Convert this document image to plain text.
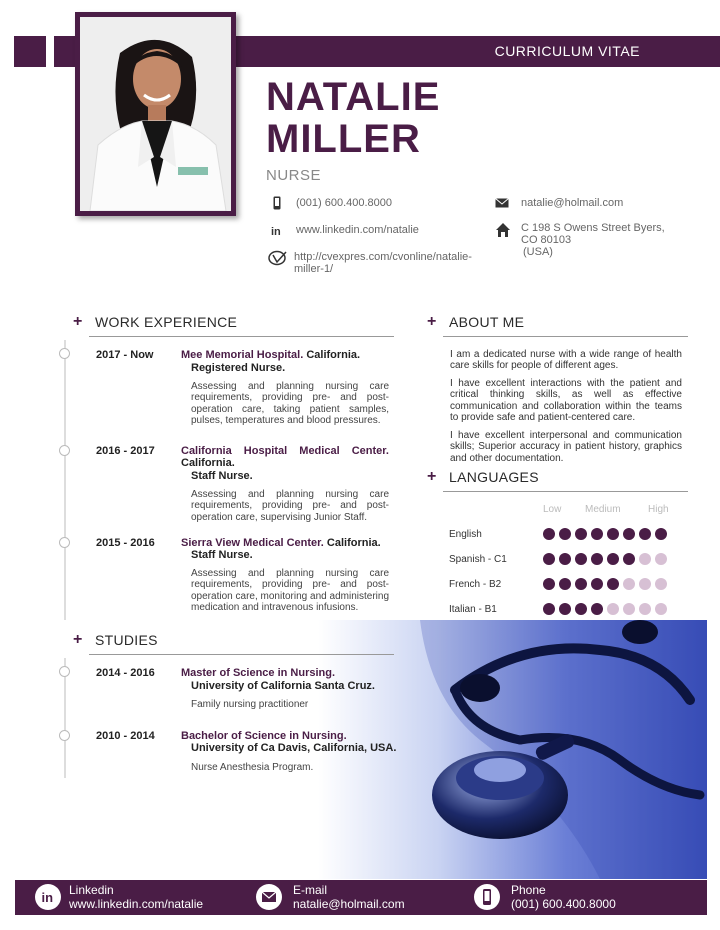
CURRICULUM VITAE
NATALIE
MILLER
NURSE
(001) 600.400.8000
in www.linkedin.com/natalie
http://cvexpres.com/cvonline/natalie-
miller-1/
natalie@holmail.com
C 198 S Owens Street Byers,
CO 80103
(USA)
+ WORK EXPERIENCE
2017 - Now	Mee Memorial Hospital. California.
Registered Nurse.
Assessing and planning nursing care requirements, providing pre- and post-operation care, taking patient samples, pulses, temperatures and blood pressures.
2016 - 2017 California Hospital Medical Center. California.
Staff Nurse.
Assessing and planning nursing care requirements, providing pre- and post-operation care, supervising Junior Staff.
2015 - 2016 Sierra View Medical Center. California.
Staff Nurse.
Assessing and planning nursing care requirements, providing pre- and post-operation care, monitoring and administering medication and intravenous infusions.
+ ABOUT ME
I am a dedicated nurse with a wide range of health care skills for people of different ages.
I have excellent interactions with the patient and critical thinking skills, as well as effective communication and collaboration within the teams to provide safe and patient-centered care.
I have excellent interpersonal and communication skills; Superior accuracy in patient history, graphics and other documentation.
+ LANGUAGES
Low Medium	High
English
Spanish - C1
French - B2
Italian - B1
+ STUDIES
2014 - 2016 Master of Science in Nursing.
University of California Santa Cruz.
Family nursing practitioner
2010 - 2014 Bachelor of Science in Nursing.
University of Ca Davis, California, USA.
Nurse Anesthesia Program.
in Linkedin
www.linkedin.com/natalie
E-mail
natalie@holmail.com
Phone
(001) 600.400.8000
